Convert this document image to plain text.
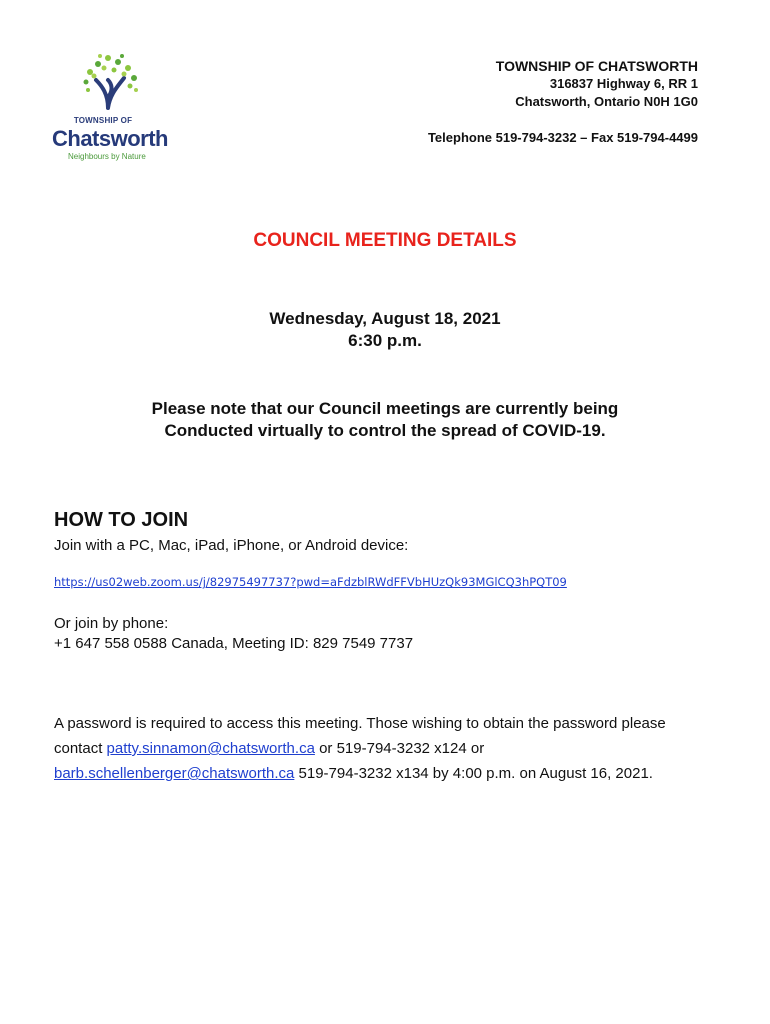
TOWNSHIP OF
Chatsworth
Neighbours by Nature
TOWNSHIP OF CHATSWORTH
316837 Highway 6, RR 1
Chatsworth, Ontario N0H 1G0
Telephone 519-794-3232 – Fax 519-794-4499
COUNCIL MEETING DETAILS
Wednesday, August 18, 2021
6:30 p.m.
Please note that our Council meetings are currently being
Conducted virtually to control the spread of COVID-19.
HOW TO JOIN
Join with a PC, Mac, iPad, iPhone, or Android device:
https://us02web.zoom.us/j/82975497737?pwd=aFdzblRWdFFVbHUzQk93MGlCQ3hPQT09
Or join by phone:
+1 647 558 0588 Canada, Meeting ID: 829 7549 7737
A password is required to access this meeting. Those wishing to obtain the password please contact patty.sinnamon@chatsworth.ca or 519-794-3232 x124 or barb.schellenberger@chatsworth.ca 519-794-3232 x134 by 4:00 p.m. on August 16, 2021.
